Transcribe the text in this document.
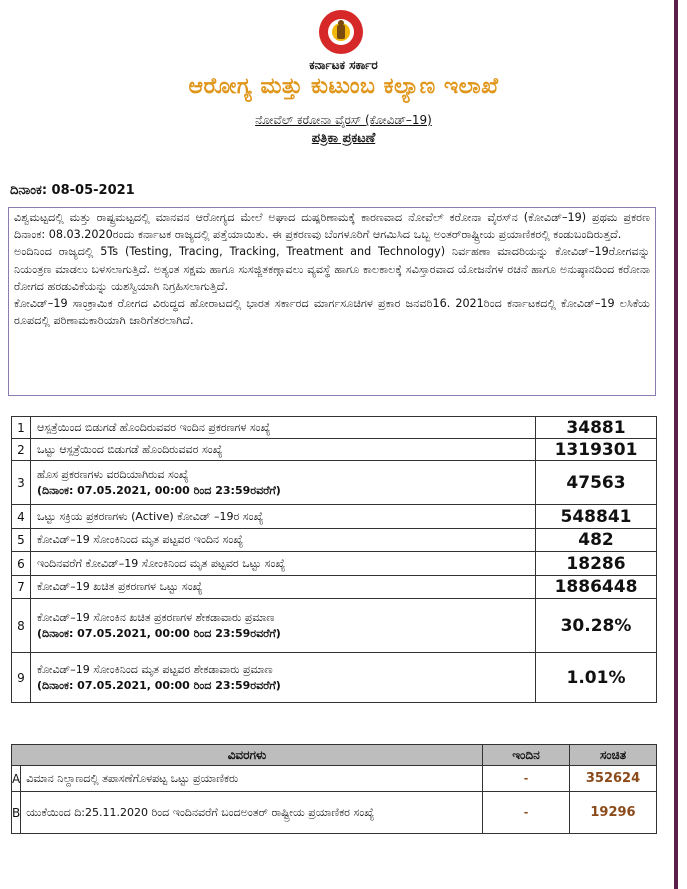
ಕರ್ನಾಟಕ ಸರ್ಕಾರ
ಆರೋಗ್ಯ ಮತ್ತು ಕುಟುಂಬ ಕಲ್ಯಾಣ ಇಲಾಖೆ
ನೋವೆಲ್ ಕರೋನಾ ವೈರಸ್ (ಕೋವಿಡ್–19)
ಪತ್ರಿಕಾ ಪ್ರಕಟಣೆ
ದಿನಾಂಕ: 08-05-2021

ವಿಶ್ವಮಟ್ಟದಲ್ಲಿ ಮತ್ತು ರಾಷ್ಟ್ರಮಟ್ಟದಲ್ಲಿ ಮಾನವನ ಆರೋಗ್ಯದ ಮೇಲೆ ಅಘಾದ ದುಷ್ಪರಿಣಾಮಕ್ಕೆ ಕಾರಣವಾದ ನೋವೆಲ್ ಕರೋನಾ ವೈರಸ್‌ನ (ಕೋವಿಡ್–19) ಪ್ರಥಮ ಪ್ರಕರಣ ದಿನಾಂಕ: 08.03.2020ರಂದು ಕರ್ನಾಟಕ ರಾಜ್ಯದಲ್ಲಿ ಪತ್ತೆಯಾಯಿತು. ಈ ಪ್ರಕರಣವು ಬೆಂಗಳೂರಿಗೆ ಆಗಮಿಸಿದ ಒಬ್ಬ ಅಂತರ್‌ರಾಷ್ಟ್ರೀಯ ಪ್ರಯಾಣಿಕರಲ್ಲಿ ಕಂಡುಬಂದಿರುತ್ತದೆ.

ಅಂದಿನಿಂದ ರಾಜ್ಯದಲ್ಲಿ 5Ts (Testing, Tracing, Tracking, Treatment and Technology) ನಿರ್ವಹಣಾ ಮಾದರಿಯನ್ನು ಕೋವಿಡ್–19ರೋಗವನ್ನು ನಿಯಂತ್ರಣ ಮಾಡಲು ಬಳಸಲಾಗುತ್ತಿದೆ. ಅತ್ಯಂತ ಸಕ್ಷಮ ಹಾಗೂ ಸುಸಜ್ಜಿತಕಣ್ಗಾವಲು ವ್ಯವಸ್ಥೆ ಹಾಗೂ ಕಾಲಕಾಲಕ್ಕೆ ಸವಿಸ್ತಾರವಾದ ಯೋಜನೆಗಳ ರಚನೆ ಹಾಗೂ ಅನುಷ್ಠಾನದಿಂದ ಕರೋನಾ ರೋಗದ ಹರಡುವಿಕೆಯನ್ನು ಯಶಸ್ವಿಯಾಗಿ ನಿಗ್ರಹಿಸಲಾಗುತ್ತಿದೆ.

ಕೋವಿಡ್–19 ಸಾಂಕ್ರಾಮಿಕ ರೋಗದ ವಿರುದ್ಧದ ಹೋರಾಟದಲ್ಲಿ ಭಾರತ ಸರ್ಕಾರದ ಮಾರ್ಗಸೂಚಿಗಳ ಪ್ರಕಾರ ಜನವರಿ16. 2021ರಿಂದ ಕರ್ನಾಟಕದಲ್ಲಿ ಕೋವಿಡ್–19 ಲಸಿಕೆಯ ರೂಪದಲ್ಲಿ ಪರಿಣಾಮಕಾರಿಯಾಗಿ ಜಾರಿಗೆತರಲಾಗಿದೆ.

1	ಆಸ್ಪತ್ರೆಯಿಂದ ಬಿಡುಗಡೆ ಹೊಂದಿರುವವರ ಇಂದಿನ ಪ್ರಕರಣಗಳ ಸಂಖ್ಯೆ	34881
2	ಒಟ್ಟು ಆಸ್ಪತ್ರೆಯಿಂದ ಬಿಡುಗಡೆ ಹೊಂದಿರುವವರ ಸಂಖ್ಯೆ	1319301
3	ಹೊಸ ಪ್ರಕರಣಗಳು ವರದಿಯಾಗಿರುವ ಸಂಖ್ಯೆ
(ದಿನಾಂಕ: 07.05.2021, 00:00 ರಿಂದ 23:59ರವರೆಗೆ)	47563
4	ಒಟ್ಟು ಸಕ್ರಿಯ ಪ್ರಕರಣಗಳು (Active) ಕೋವಿಡ್ –19ರ ಸಂಖ್ಯೆ	548841
5	ಕೋವಿಡ್–19 ಸೋಂಕಿನಿಂದ ಮೃತ ಪಟ್ಟವರ ಇಂದಿನ ಸಂಖ್ಯೆ	482
6	ಇಂದಿನವರೆಗೆ ಕೋವಿಡ್–19 ಸೋಂಕಿನಿಂದ ಮೃತ ಪಟ್ಟವರ ಒಟ್ಟು ಸಂಖ್ಯೆ	18286
7	ಕೋವಿಡ್–19 ಖಚಿತ ಪ್ರಕರಣಗಳ ಒಟ್ಟು ಸಂಖ್ಯೆ	1886448
8	ಕೋವಿಡ್–19 ಸೋಂಕಿನ ಖಚಿತ ಪ್ರಕರಣಗಳ ಶೇಕಡಾವಾರು ಪ್ರಮಾಣ
(ದಿನಾಂಕ: 07.05.2021, 00:00 ರಿಂದ 23:59ರವರೆಗೆ)	30.28%
9	ಕೋವಿಡ್–19 ಸೋಂಕಿನಿಂದ ಮೃತ ಪಟ್ಟವರ ಶೇಕಡಾವಾರು ಪ್ರಮಾಣ
(ದಿನಾಂಕ: 07.05.2021, 00:00 ರಿಂದ 23:59ರವರೆಗೆ)	1.01%
ವಿವರಗಳು		ಇಂದಿನ	ಸಂಚಿತ
A	ವಿಮಾನ ನಿಲ್ದಾಣದಲ್ಲಿ ತಪಾಸಣೆಗೊಳಪಟ್ಟ ಒಟ್ಟು ಪ್ರಯಾಣಿಕರು	-	352624
B	ಯುಕೆಯಿಂದ ದಿ:25.11.2020 ರಿಂದ ಇಂದಿನವರೆಗೆ ಬಂದಅಂತರ್ ರಾಷ್ಟ್ರೀಯ ಪ್ರಯಾಣಿಕರ ಸಂಖ್ಯೆ	-	19296
